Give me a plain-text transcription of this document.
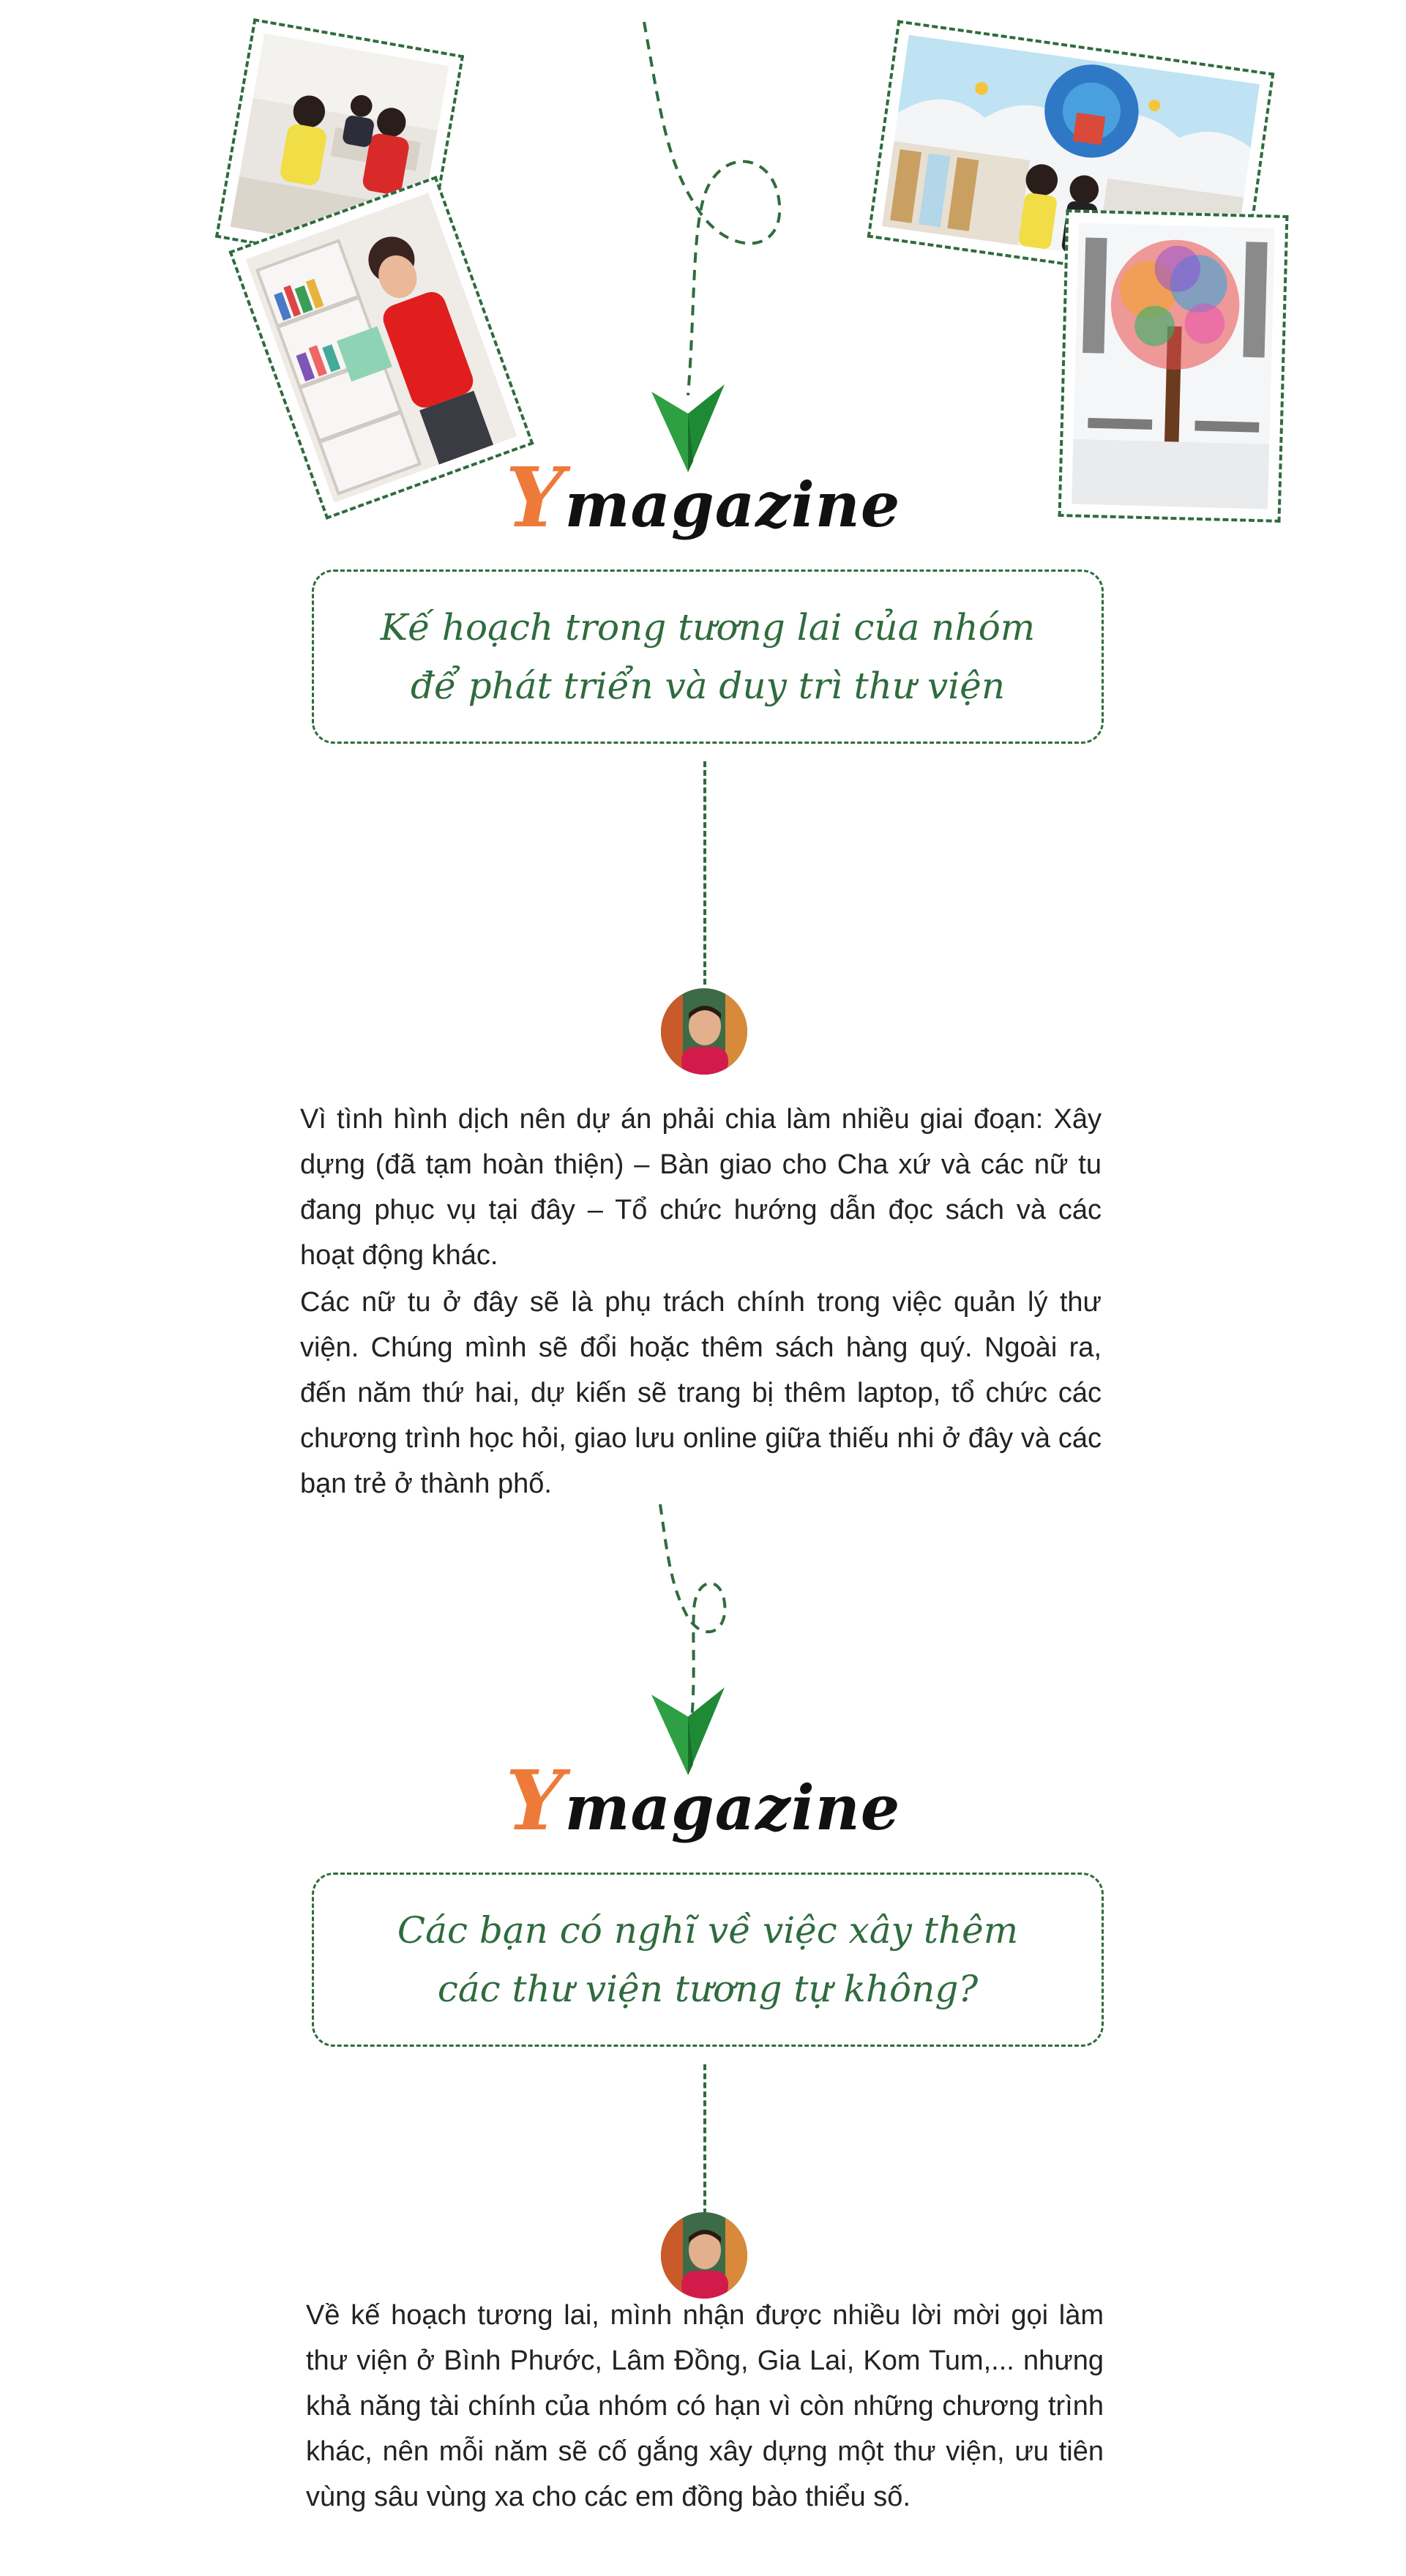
Ymagazine
Kế hoạch trong tương lai của nhóm
để phát triển và duy trì thư viện

Vì tình hình dịch nên dự án phải chia làm nhiều giai đoạn: Xây dựng (đã tạm hoàn thiện) – Bàn giao cho Cha xứ và các nữ tu đang phục vụ tại đây – Tổ chức hướng dẫn đọc sách và các hoạt động khác.

Các nữ tu ở đây sẽ là phụ trách chính trong việc quản lý thư viện. Chúng mình sẽ đổi hoặc thêm sách hàng quý. Ngoài ra, đến năm thứ hai, dự kiến sẽ trang bị thêm laptop, tổ chức các chương trình học hỏi, giao lưu online giữa thiếu nhi ở đây và các bạn trẻ ở thành phố.

Ymagazine
Các bạn có nghĩ về việc xây thêm
các thư viện tương tự không?

Về kế hoạch tương lai, mình nhận được nhiều lời mời gọi làm thư viện ở Bình Phước, Lâm Đồng, Gia Lai, Kom Tum,... nhưng khả năng tài chính của nhóm có hạn vì còn những chương trình khác, nên mỗi năm sẽ cố gắng xây dựng một thư viện, ưu tiên vùng sâu vùng xa cho các em đồng bào thiểu số.
